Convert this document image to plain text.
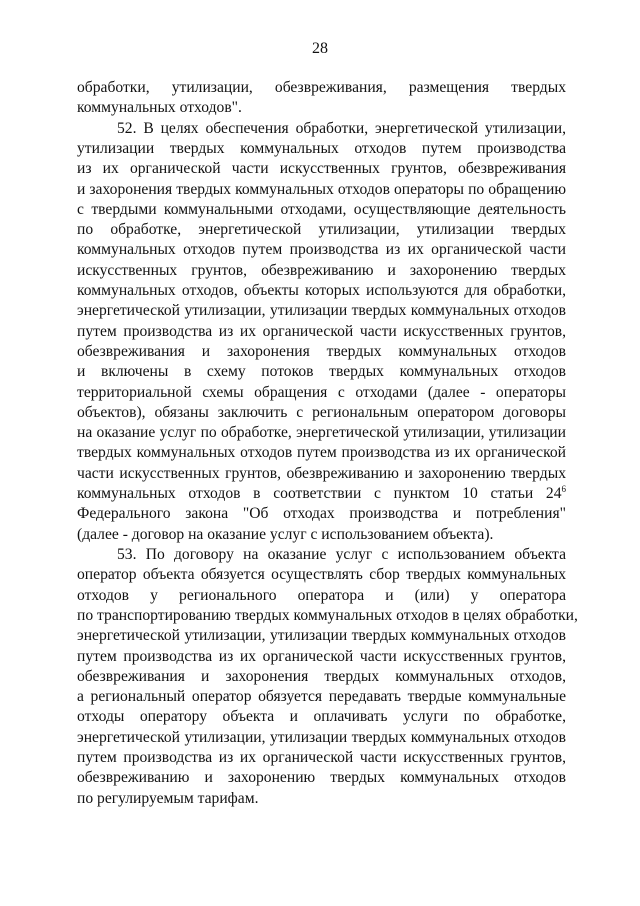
28
обработки, утилизации, обезвреживания, размещения твердых
коммунальных отходов".
52. В целях обеспечения обработки, энергетической утилизации,
утилизации твердых коммунальных отходов путем производства
из их органической части искусственных грунтов, обезвреживания
и захоронения твердых коммунальных отходов операторы по обращению
с твердыми коммунальными отходами, осуществляющие деятельность
по обработке, энергетической утилизации, утилизации твердых
коммунальных отходов путем производства из их органической части
искусственных грунтов, обезвреживанию и захоронению твердых
коммунальных отходов, объекты которых используются для обработки,
энергетической утилизации, утилизации твердых коммунальных отходов
путем производства из их органической части искусственных грунтов,
обезвреживания и захоронения твердых коммунальных отходов
и включены в схему потоков твердых коммунальных отходов
территориальной схемы обращения с отходами (далее - операторы
объектов), обязаны заключить с региональным оператором договоры
на оказание услуг по обработке, энергетической утилизации, утилизации
твердых коммунальных отходов путем производства из их органической
части искусственных грунтов, обезвреживанию и захоронению твердых
коммунальных отходов в соответствии с пунктом 10 статьи $24^6$
Федерального закона "Об отходах производства и потребления"
(далее - договор на оказание услуг с использованием объекта).
53. По договору на оказание услуг с использованием объекта
оператор объекта обязуется осуществлять сбор твердых коммунальных
отходов у регионального оператора и (или) у оператора
по транспортированию твердых коммунальных отходов в целях обработки,
энергетической утилизации, утилизации твердых коммунальных отходов
путем производства из их органической части искусственных грунтов,
обезвреживания и захоронения твердых коммунальных отходов,
а региональный оператор обязуется передавать твердые коммунальные
отходы оператору объекта и оплачивать услуги по обработке,
энергетической утилизации, утилизации твердых коммунальных отходов
путем производства из их органической части искусственных грунтов,
обезвреживанию и захоронению твердых коммунальных отходов
по регулируемым тарифам.
